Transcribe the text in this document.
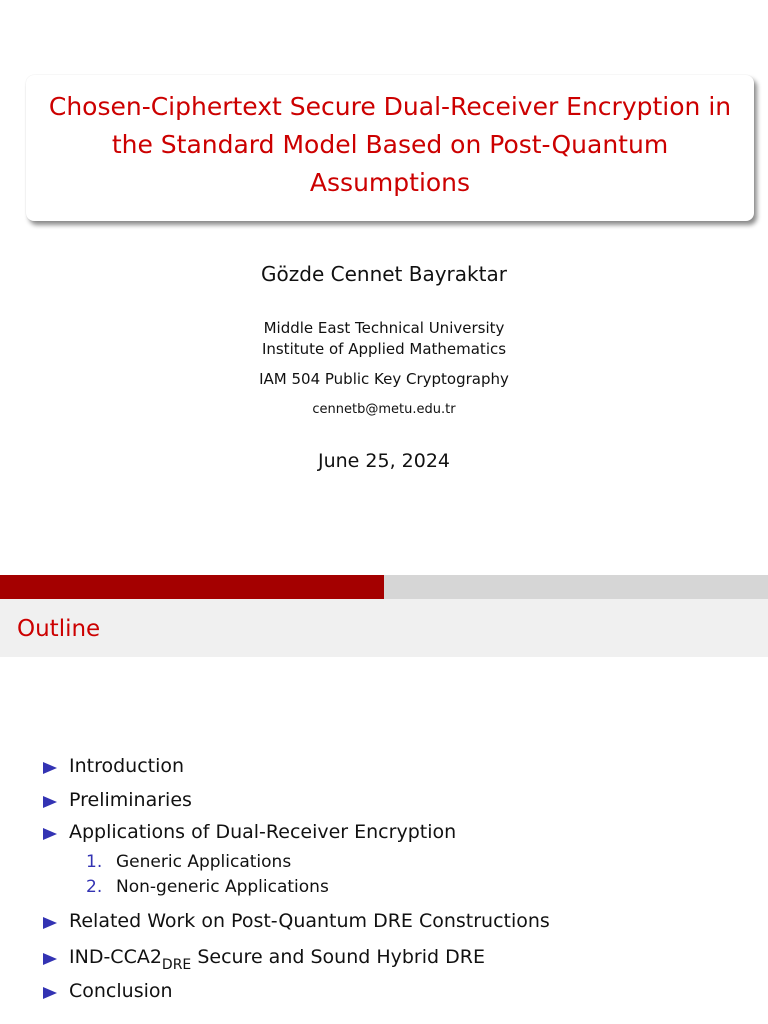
Chosen-Ciphertext Secure Dual-Receiver Encryption in
the Standard Model Based on Post-Quantum
Assumptions
Gözde Cennet Bayraktar
Middle East Technical University
Institute of Applied Mathematics
IAM 504 Public Key Cryptography
cennetb@metu.edu.tr
June 25, 2024
Outline
Introduction
Preliminaries
Applications of Dual-Receiver Encryption
1. Generic Applications
2. Non-generic Applications
Related Work on Post-Quantum DRE Constructions
IND-$CCA2_{DRE}$ Secure and Sound Hybrid DRE
Conclusion
